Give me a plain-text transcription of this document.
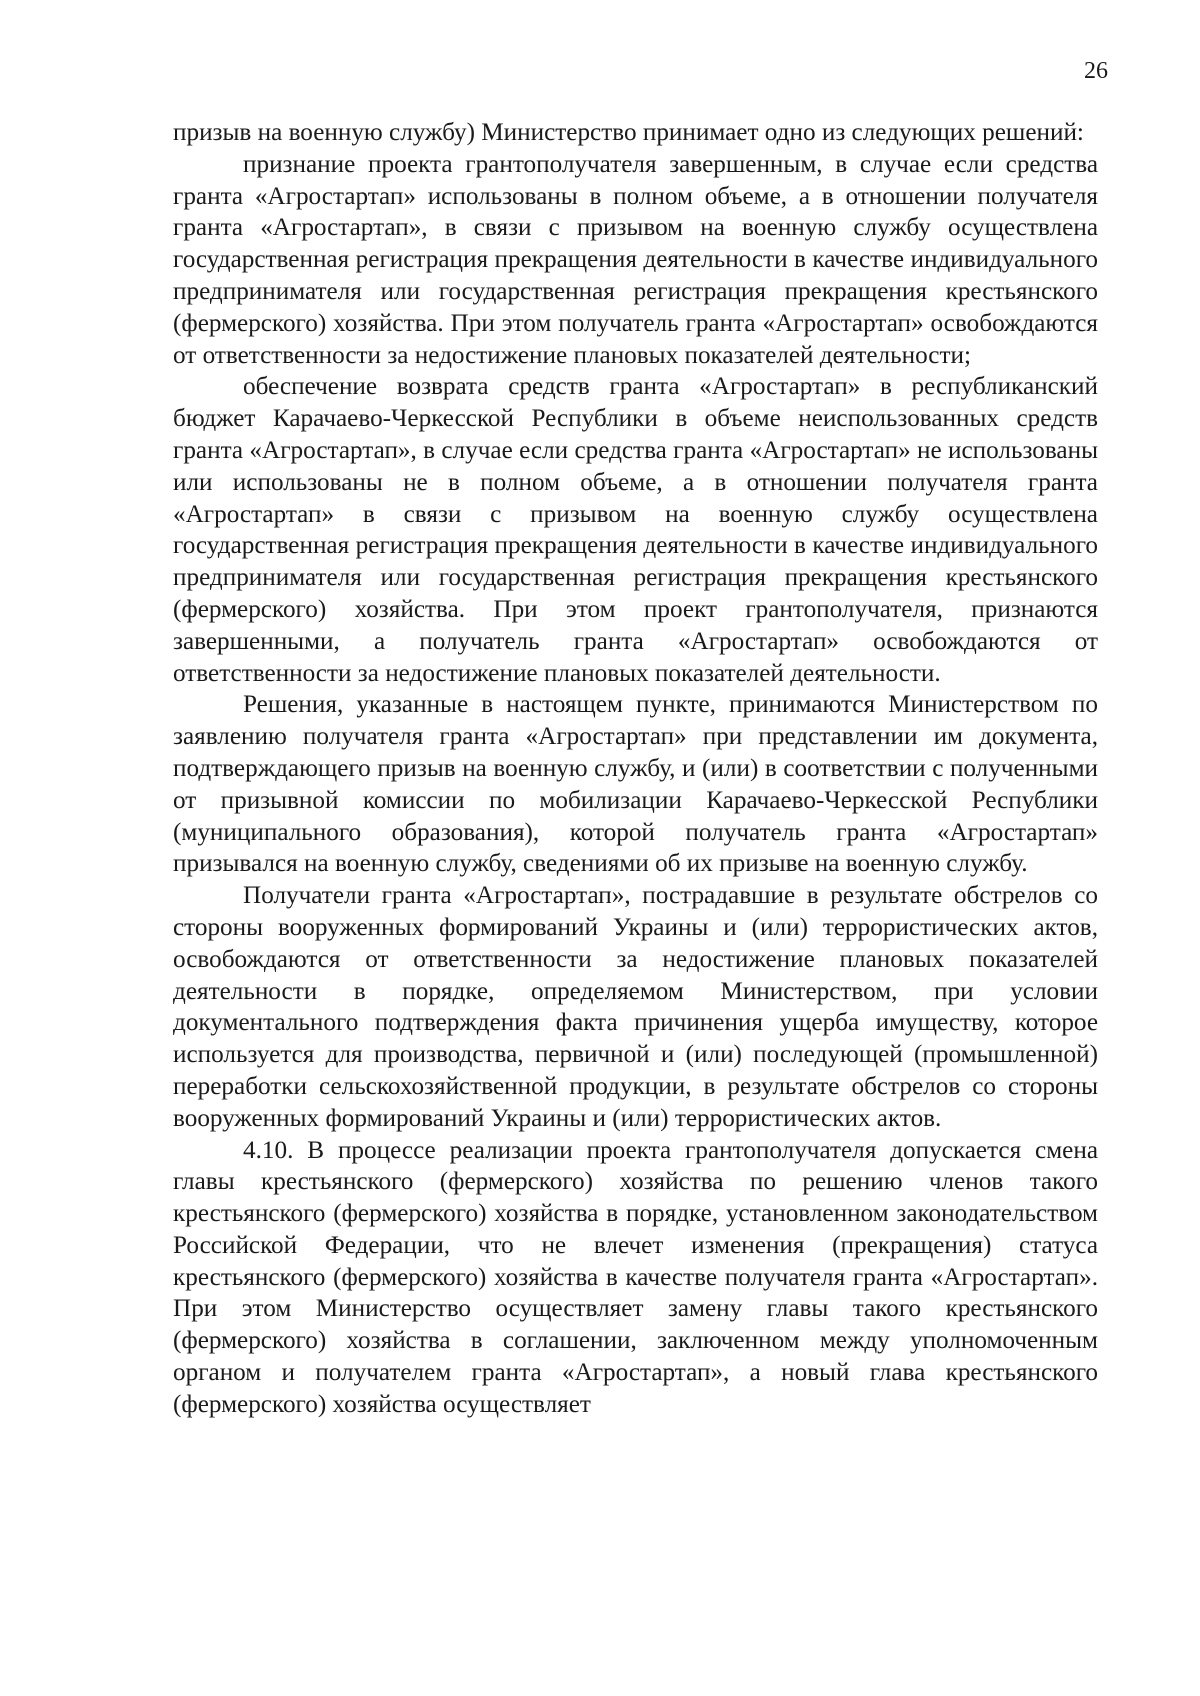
26

призыв на военную службу) Министерство принимает одно из следующих решений:

признание проекта грантополучателя завершенным, в случае если средства гранта «Агростартап» использованы в полном объеме, а в отношении получателя гранта «Агростартап», в связи с призывом на военную службу осуществлена государственная регистрация прекращения деятельности в качестве индивидуального предпринимателя или государственная регистрация прекращения крестьянского (фермерского) хозяйства. При этом получатель гранта «Агростартап» освобождаются от ответственности за недостижение плановых показателей деятельности;

обеспечение возврата средств гранта «Агростартап» в республиканский бюджет Карачаево-Черкесской Республики в объеме неиспользованных средств гранта «Агростартап», в случае если средства гранта «Агростартап» не использованы или использованы не в полном объеме, а в отношении получателя гранта «Агростартап» в связи с призывом на военную службу осуществлена государственная регистрация прекращения деятельности в качестве индивидуального предпринимателя или государственная регистрация прекращения крестьянского (фермерского) хозяйства. При этом проект грантополучателя, признаются завершенными, а получатель гранта «Агростартап» освобождаются от ответственности за недостижение плановых показателей деятельности.

Решения, указанные в настоящем пункте, принимаются Министерством по заявлению получателя гранта «Агростартап» при представлении им документа, подтверждающего призыв на военную службу, и (или) в соответствии с полученными от призывной комиссии по мобилизации Карачаево-Черкесской Республики (муниципального образования), которой получатель гранта «Агростартап» призывался на военную службу, сведениями об их призыве на военную службу.

Получатели гранта «Агростартап», пострадавшие в результате обстрелов со стороны вооруженных формирований Украины и (или) террористических актов, освобождаются от ответственности за недостижение плановых показателей деятельности в порядке, определяемом Министерством, при условии документального подтверждения факта причинения ущерба имуществу, которое используется для производства, первичной и (или) последующей (промышленной) переработки сельскохозяйственной продукции, в результате обстрелов со стороны вооруженных формирований Украины и (или) террористических актов.

4.10. В процессе реализации проекта грантополучателя допускается смена главы крестьянского (фермерского) хозяйства по решению членов такого крестьянского (фермерского) хозяйства в порядке, установленном законодательством Российской Федерации, что не влечет изменения (прекращения) статуса крестьянского (фермерского) хозяйства в качестве получателя гранта «Агростартап». При этом Министерство осуществляет замену главы такого крестьянского (фермерского) хозяйства в соглашении, заключенном между уполномоченным органом и получателем гранта «Агростартап», а новый глава крестьянского (фермерского) хозяйства осуществляет
